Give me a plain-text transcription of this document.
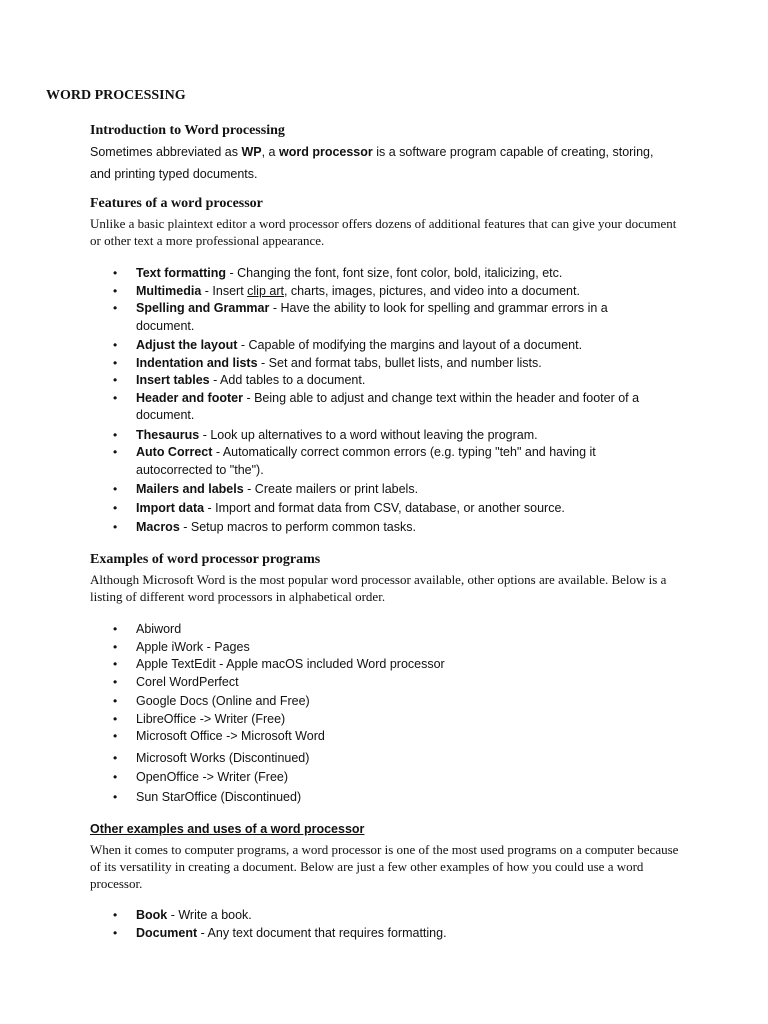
WORD PROCESSING
Introduction to Word processing
Sometimes abbreviated as WP, a word processor is a software program capable of creating, storing, and printing typed documents.
Features of a word processor
Unlike a basic plaintext editor a word processor offers dozens of additional features that can give your document or other text a more professional appearance.
• Text formatting - Changing the font, font size, font color, bold, italicizing, etc.
• Multimedia - Insert clip art, charts, images, pictures, and video into a document.
• Spelling and Grammar - Have the ability to look for spelling and grammar errors in a document.
• Adjust the layout - Capable of modifying the margins and layout of a document.
• Indentation and lists - Set and format tabs, bullet lists, and number lists.
• Insert tables - Add tables to a document.
• Header and footer - Being able to adjust and change text within the header and footer of a document.
• Thesaurus - Look up alternatives to a word without leaving the program.
• Auto Correct - Automatically correct common errors (e.g. typing "teh" and having it autocorrected to "the").
• Mailers and labels - Create mailers or print labels.
• Import data - Import and format data from CSV, database, or another source.
• Macros - Setup macros to perform common tasks.
Examples of word processor programs
Although Microsoft Word is the most popular word processor available, other options are available. Below is a listing of different word processors in alphabetical order.
• Abiword
• Apple iWork - Pages
• Apple TextEdit - Apple macOS included Word processor
• Corel WordPerfect
• Google Docs (Online and Free)
• LibreOffice -> Writer (Free)
• Microsoft Office -> Microsoft Word
• Microsoft Works (Discontinued)
• OpenOffice -> Writer (Free)
• Sun StarOffice (Discontinued)
Other examples and uses of a word processor
When it comes to computer programs, a word processor is one of the most used programs on a computer because of its versatility in creating a document. Below are just a few other examples of how you could use a word processor.
• Book - Write a book.
• Document - Any text document that requires formatting.
